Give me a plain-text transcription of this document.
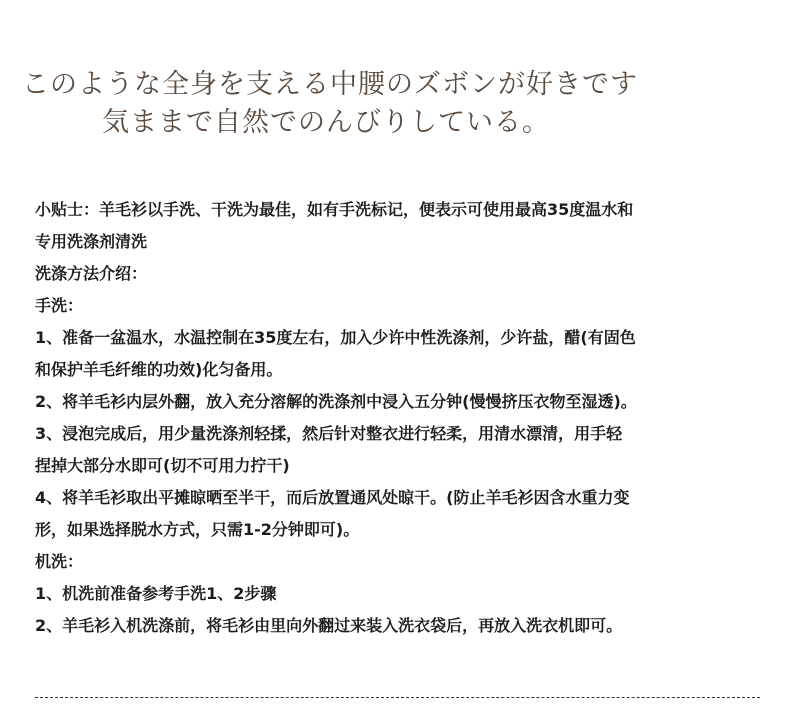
このような全身を支える中腰のズボンが好きです
気ままで自然でのんびりしている。

小贴士：羊毛衫以手洗、干洗为最佳，如有手洗标记，便表示可使用最高35度温水和

专用洗涤剂清洗

洗涤方法介绍：

手洗：

1、准备一盆温水，水温控制在35度左右，加入少许中性洗涤剂，少许盐，醋(有固色

和保护羊毛纤维的功效)化匀备用。

2、将羊毛衫内层外翻，放入充分溶解的洗涤剂中浸入五分钟(慢慢挤压衣物至湿透)。

3、浸泡完成后，用少量洗涤剂轻揉，然后针对整衣进行轻柔，用清水漂清，用手轻

捏掉大部分水即可(切不可用力拧干)

4、将羊毛衫取出平摊晾晒至半干，而后放置通风处晾干。(防止羊毛衫因含水重力变

形，如果选择脱水方式，只需1-2分钟即可)。

机洗：

1、机洗前准备参考手洗1、2步骤

2、羊毛衫入机洗涤前，将毛衫由里向外翻过来装入洗衣袋后，再放入洗衣机即可。
